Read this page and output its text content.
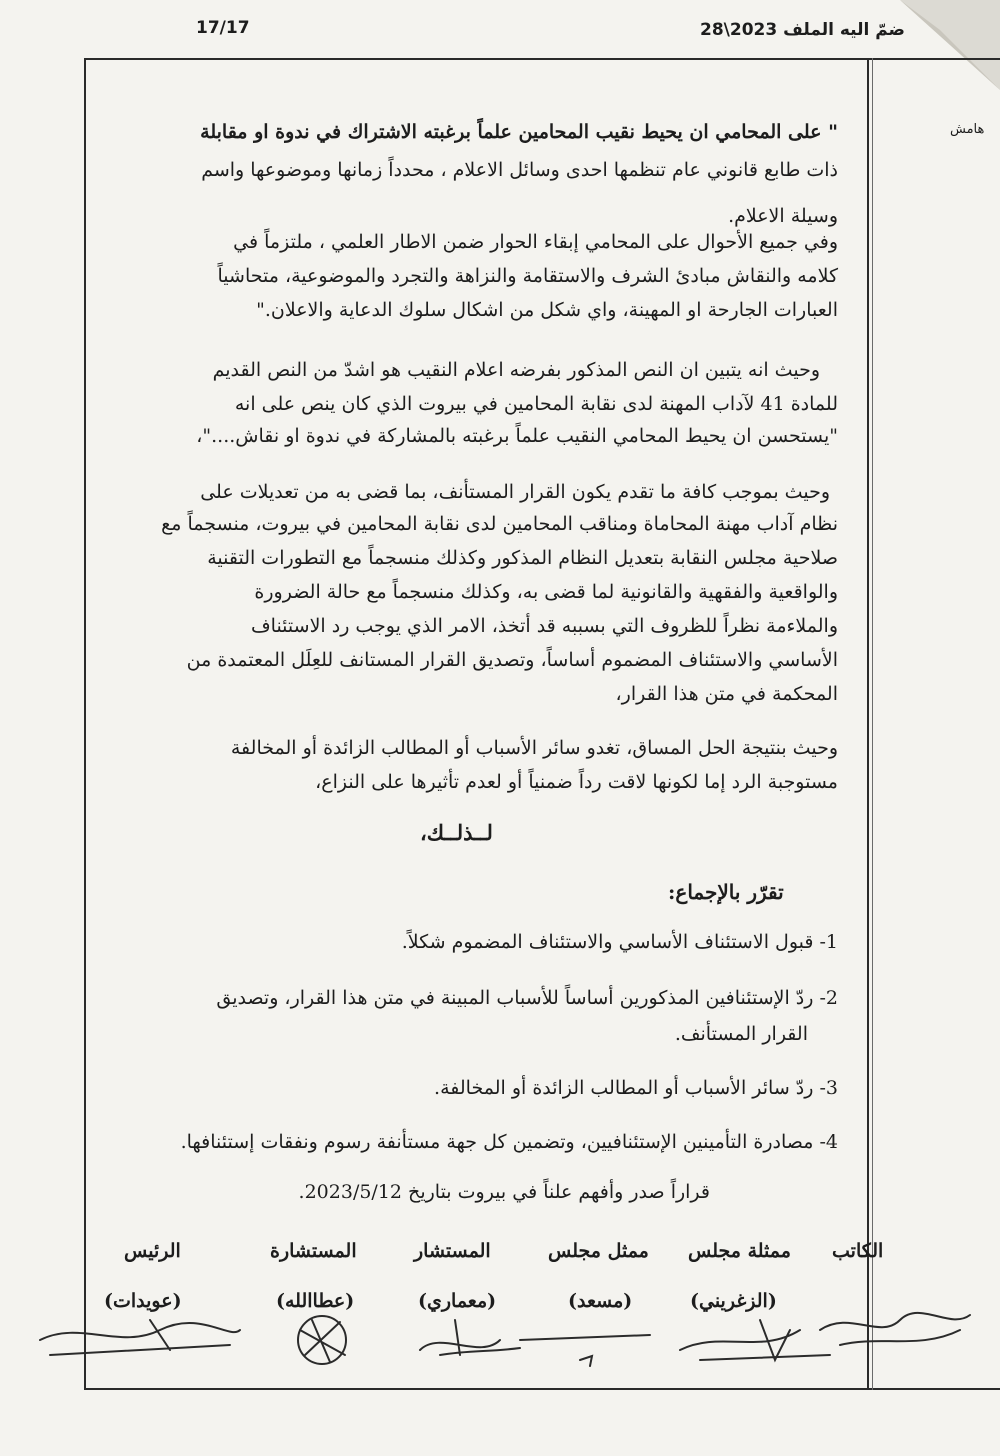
17/17	ضمّ اليه الملف 2023\28
هامش
" على المحامي ان يحيط نقيب المحامين علماً برغبته الاشتراك في ندوة او مقابلة
ذات طابع قانوني عام تنظمها احدى وسائل الاعلام ، محدداً زمانها وموضوعها واسم
وسيلة الاعلام.
وفي جميع الأحوال على المحامي إبقاء الحوار ضمن الاطار العلمي ، ملتزماً في
كلامه والنقاش مبادئ الشرف والاستقامة والنزاهة والتجرد والموضوعية، متحاشياً
العبارات الجارحة او المهينة، واي شكل من اشكال سلوك الدعاية والاعلان."
وحيث انه يتبين ان النص المذكور بفرضه اعلام النقيب هو اشدّ من النص القديم
للمادة 41 لآداب المهنة لدى نقابة المحامين في بيروت الذي كان ينص على انه
"يستحسن ان يحيط المحامي النقيب علماً برغبته بالمشاركة في ندوة او نقاش...."،
وحيث بموجب كافة ما تقدم يكون القرار المستأنف، بما قضى به من تعديلات على
نظام آداب مهنة المحاماة ومناقب المحامين لدى نقابة المحامين في بيروت، منسجماً مع
صلاحية مجلس النقابة بتعديل النظام المذكور وكذلك منسجماً مع التطورات التقنية
والواقعية والفقهية والقانونية لما قضى به، وكذلك منسجماً مع حالة الضرورة
والملاءمة نظراً للظروف التي بسببه قد أتخذ، الامر الذي يوجب رد الاستئناف
الأساسي والاستئناف المضموم أساساً، وتصديق القرار المستانف للعِلَل المعتمدة من
المحكمة في متن هذا القرار،
وحيث بنتيجة الحل المساق، تغدو سائر الأسباب أو المطالب الزائدة أو المخالفة
مستوجبة الرد إما لكونها لاقت رداً ضمنياً أو لعدم تأثيرها على النزاع،
لــذلــك،
تقرّر بالإجماع:
1- قبول الاستئناف الأساسي والاستئناف المضموم شكلاً.
2- ردّ الإستئنافين المذكورين أساساً للأسباب المبينة في متن هذا القرار، وتصديق
القرار المستأنف.
3- ردّ سائر الأسباب أو المطالب الزائدة أو المخالفة.
4- مصادرة التأمينين الإستئنافيين، وتضمين كل جهة مستأنفة رسوم ونفقات إستئنافها.
قراراً صدر وأفهم علناً في بيروت بتاريخ 2023/5/12.
الكاتب
ممثلة مجلس
(الزغريني)
ممثل مجلس
(مسعد)
المستشار
(معماري)
المستشارة
(عطاالله)
الرئيس
(عويدات)
